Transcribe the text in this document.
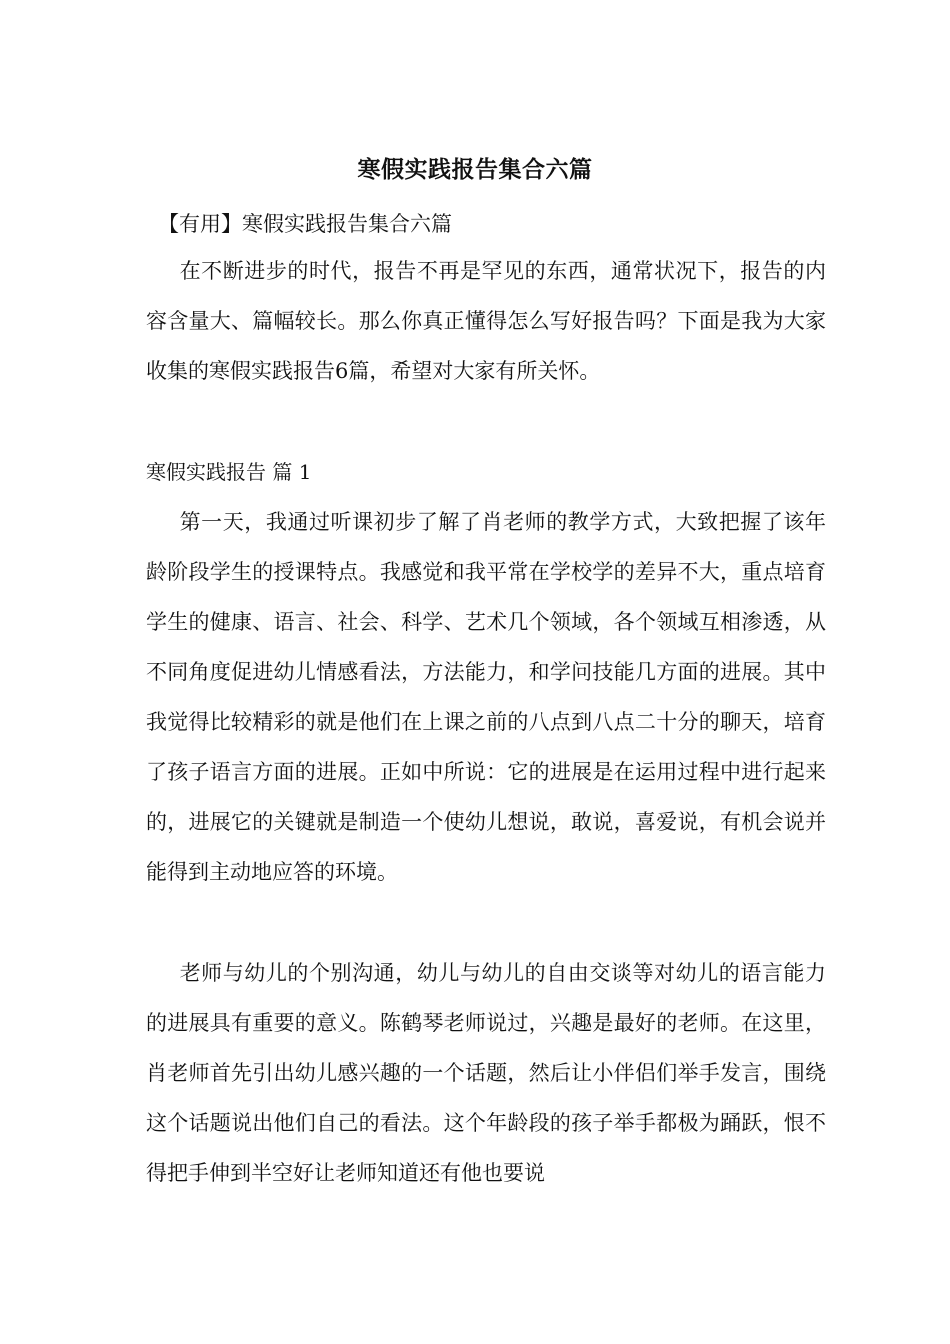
寒假实践报告集合六篇
【有用】寒假实践报告集合六篇

在不断进步的时代，报告不再是罕见的东西，通常状况下，报告的内容含量大、篇幅较长。那么你真正懂得怎么写好报告吗？下面是我为大家收集的寒假实践报告6篇，希望对大家有所关怀。

寒假实践报告 篇 1

第一天，我通过听课初步了解了肖老师的教学方式，大致把握了该年龄阶段学生的授课特点。我感觉和我平常在学校学的差异不大，重点培育学生的健康、语言、社会、科学、艺术几个领域，各个领域互相渗透，从不同角度促进幼儿情感看法，方法能力，和学问技能几方面的进展。其中我觉得比较精彩的就是他们在上课之前的八点到八点二十分的聊天，培育了孩子语言方面的进展。正如中所说：它的进展是在运用过程中进行起来的，进展它的关键就是制造一个使幼儿想说，敢说，喜爱说，有机会说并能得到主动地应答的环境。

老师与幼儿的个别沟通，幼儿与幼儿的自由交谈等对幼儿的语言能力的进展具有重要的意义。陈鹤琴老师说过，兴趣是最好的老师。在这里，肖老师首先引出幼儿感兴趣的一个话题，然后让小伴侣们举手发言，围绕这个话题说出他们自己的看法。这个年龄段的孩子举手都极为踊跃，恨不得把手伸到半空好让老师知道还有他也要说
